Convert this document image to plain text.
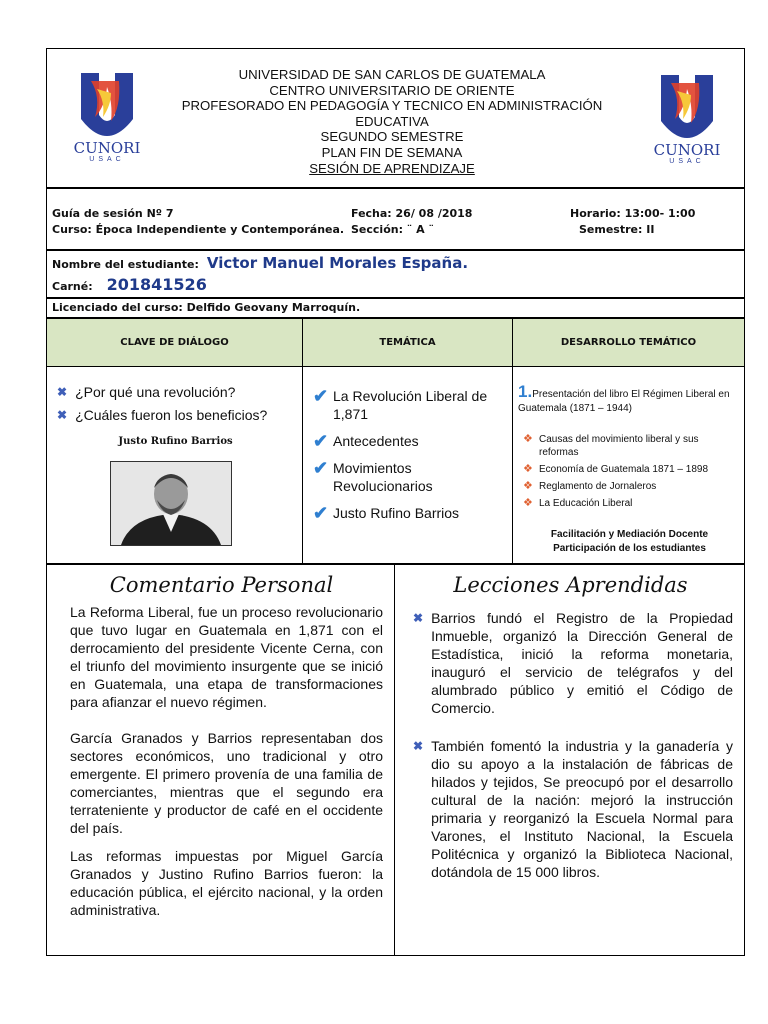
CUNORI
USAC
CUNORI
USAC
UNIVERSIDAD DE SAN CARLOS DE GUATEMALA
CENTRO UNIVERSITARIO DE ORIENTE
PROFESORADO EN PEDAGOGÍA Y TECNICO EN ADMINISTRACIÓN
EDUCATIVA
SEGUNDO SEMESTRE
PLAN FIN DE SEMANA
SESIÓN DE APRENDIZAJE
Guía de sesión Nº 7
Curso: Época Independiente y Contemporánea.
Fecha: 26/ 08 /2018
Sección: ¨ A ¨
Horario: 13:00- 1:00
Semestre: II
Nombre del estudiante: Victor Manuel Morales España.
Carné: 201841526
Licenciado del curso: Delfido Geovany Marroquín.
CLAVE DE DIÁLOGO	TEMÁTICA	DESARROLLO TEMÁTICO
✖ ¿Por qué una revolución?
✖ ¿Cuáles fueron los beneficios?
Justo Rufino Barrios
✔ La Revolución Liberal de 1,871
✔ Antecedentes
✔ Movimientos Revolucionarios
✔ Justo Rufino Barrios
1.Presentación del libro El Régimen Liberal en Guatemala (1871 – 1944)
❖ Causas del movimiento liberal y sus reformas
❖ Economía de Guatemala 1871 – 1898
❖ Reglamento de Jornaleros
❖ La Educación Liberal
Facilitación y Mediación Docente
Participación de los estudiantes
Comentario Personal

La Reforma Liberal, fue un proceso revolucionario que tuvo lugar en Guatemala en 1,871 con el derrocamiento del presidente Vicente Cerna, con el triunfo del movimiento insurgente que se inició en Guatemala, una etapa de transformaciones para afianzar el nuevo régimen.

García Granados y Barrios representaban dos sectores económicos, uno tradicional y otro emergente. El primero provenía de una familia de comerciantes, mientras que el segundo era terrateniente y productor de café en el occidente del país.

Las reformas impuestas por Miguel García Granados y Justino Rufino Barrios fueron: la educación pública, el ejército nacional, y la orden administrativa.

Lecciones Aprendidas
✖ Barrios fundó el Registro de la Propiedad Inmueble, organizó la Dirección General de Estadística, inició la reforma monetaria, inauguró el servicio de telégrafos y del alumbrado público y emitió el Código de Comercio.
✖ También fomentó la industria y la ganadería y dio su apoyo a la instalación de fábricas de hilados y tejidos, Se preocupó por el desarrollo cultural de la nación: mejoró la instrucción primaria y reorganizó la Escuela Normal para Varones, el Instituto Nacional, la Escuela Politécnica y organizó la Biblioteca Nacional, dotándola de 15 000 libros.
